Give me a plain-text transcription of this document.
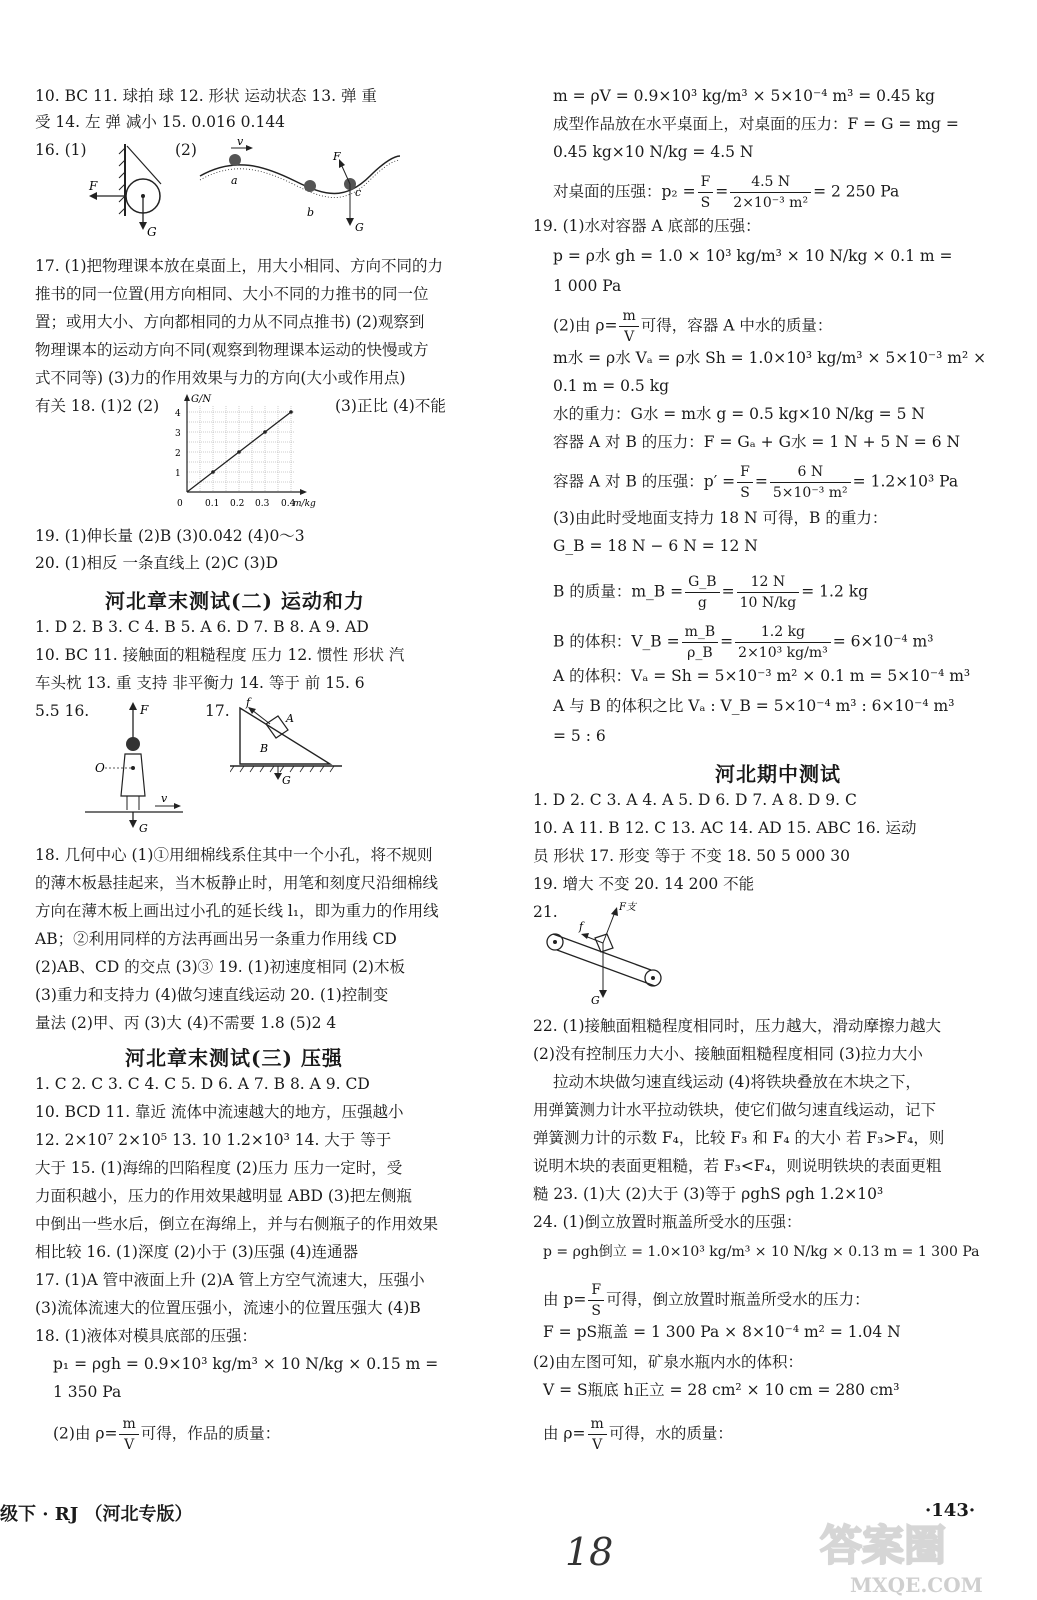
10. BC 11. 球拍 球 12. 形状 运动状态 13. 弹 重
受 14. 左 弹 减小 15. 0.016 0.144
16. (1)
F
G
(2)	v
a
b
F
c
G
17. (1)把物理课本放在桌面上，用大小相同、方向不同的力
推书的同一位置(用方向相同、大小不同的力推书的同一位
置；或用大小、方向都相同的力从不同点推书) (2)观察到
物理课本的运动方向不同(观察到物理课本运动的快慢或方
式不同等) (3)力的作用效果与力的方向(大小或作用点)
有关 18. (1)2 (2)	G/N
4
3
2
1
0 0.1 0.2 0.3 0.4
m/kg
(3)正比 (4)不能
19. (1)伸长量 (2)B (3)0.042 (4)0～3
20. (1)相反 一条直线上 (2)C (3)D
河北章末测试(二) 运动和力
1. D 2. B 3. C 4. B 5. A 6. D 7. B 8. A 9. AD
10. BC 11. 接触面的粗糙程度 压力 12. 惯性 形状 汽
车头枕 13. 重 支持 非平衡力 14. 等于 前 15. 6
5.5 16.	F
O
v
G
17. f
A
B
G
18. 几何中心 (1)①用细棉线系住其中一个小孔，将不规则
的薄木板悬挂起来，当木板静止时，用笔和刻度尺沿细棉线
方向在薄木板上画出过小孔的延长线 l₁，即为重力的作用线
AB；②利用同样的方法再画出另一条重力作用线 CD
(2)AB、CD 的交点 (3)③ 19. (1)初速度相同 (2)木板
(3)重力和支持力 (4)做匀速直线运动 20. (1)控制变
量法 (2)甲、丙 (3)大 (4)不需要 1.8 (5)2 4
河北章末测试(三) 压强
1. C 2. C 3. C 4. C 5. D 6. A 7. B 8. A 9. CD
10. BCD 11. 靠近 流体中流速越大的地方，压强越小
12. 2×10⁷ 2×10⁵ 13. 10 1.2×10³ 14. 大于 等于
大于 15. (1)海绵的凹陷程度 (2)压力 压力一定时，受
力面积越小，压力的作用效果越明显 ABD (3)把左侧瓶
中倒出一些水后，倒立在海绵上，并与右侧瓶子的作用效果
相比较 16. (1)深度 (2)小于 (3)压强 (4)连通器
17. (1)A 管中液面上升 (2)A 管上方空气流速大，压强小
(3)流体流速大的位置压强小，流速小的位置压强大 (4)B
18. (1)液体对模具底部的压强：
p₁ = ρgh = 0.9×10³ kg/m³ × 10 N/kg × 0.15 m =
1 350 Pa
(2)由 $\rho= \frac{m}{V}$ 可得，作品的质量：
m = ρV = 0.9×10³ kg/m³ × 5×10⁻⁴ m³ = 0.45 kg
成型作品放在水平桌面上，对桌面的压力：F = G = mg =
0.45 kg×10 N/kg = 4.5 N
对桌面的压强：$p_2 = \frac{F}{S} = \frac{4.5 N}{\text{2×10⁻³ m²}} = 2$ 250 Pa
19. (1)水对容器 A 底部的压强：
p = ρ水 gh = 1.0 × 10³ kg/m³ × 10 N/kg × 0.1 m =
1 000 Pa
(2)由 $\rho= \frac{m}{V}$ 可得，容器 A 中水的质量：
m水 = ρ水 Vₐ = ρ水 Sh = 1.0×10³ kg/m³ × 5×10⁻³ m² ×
0.1 m = 0.5 kg
水的重力：G水 = m水 g = 0.5 kg×10 N/kg = 5 N
容器 A 对 B 的压力：F = Gₐ + G水 = 1 N + 5 N = 6 N
容器 A 对 B 的压强：$p' = \frac{F}{S} = \frac{6 N}{\text{5×10⁻³ m²}} = 1.2\times 10^3$ Pa
(3)由此时受地面支持力 18 N 可得，B 的重力：
G_B = 18 N − 6 N = 12 N
B 的质量：m_B = $\frac{G\_B}{g} = \frac{12 N}{10 N/kg} = 1.2$ kg
B 的体积：V_B = $\frac{m\_B}{\rho\_B} = \frac{1.2 kg}{\text{2×10³ kg/m³}} = 6\times 10^{-4}$ m³
A 的体积：Vₐ = Sh = 5×10⁻³ m² × 0.1 m = 5×10⁻⁴ m³
A 与 B 的体积之比 Vₐ : V_B = 5×10⁻⁴ m³ : 6×10⁻⁴ m³
= 5 : 6
河北期中测试
1. D 2. C 3. A 4. A 5. D 6. D 7. A 8. D 9. C
10. A 11. B 12. C 13. AC 14. AD 15. ABC 16. 运动
员 形状 17. 形变 等于 不变 18. 50 5 000 30
19. 增大 不变 20. 14 200 不能
21.
f
F支
G
22. (1)接触面粗糙程度相同时，压力越大，滑动摩擦力越大
(2)没有控制压力大小、接触面粗糙程度相同 (3)拉力大小
拉动木块做匀速直线运动 (4)将铁块叠放在木块之下，
用弹簧测力计水平拉动铁块，使它们做匀速直线运动，记下
弹簧测力计的示数 F₄，比较 F₃ 和 F₄ 的大小 若 F₃>F₄，则
说明木块的表面更粗糙，若 F₃<F₄，则说明铁块的表面更粗
糙 23. (1)大 (2)大于 (3)等于 ρghS ρgh 1.2×10³
24. (1)倒立放置时瓶盖所受水的压强：
p = ρgh倒立 = 1.0×10³ kg/m³ × 10 N/kg × 0.13 m = 1 300 Pa
由 $p= \frac{F}{S}$ 可得，倒立放置时瓶盖所受水的压力：
F = pS瓶盖 = 1 300 Pa × 8×10⁻⁴ m² = 1.04 N
(2)由左图可知，矿泉水瓶内水的体积：
V = S瓶底 h正立 = 28 cm² × 10 cm = 280 cm³
由 $\rho= \frac{m}{V}$ 可得，水的质量：
级下 · RJ （河北专版）	·143·
18	答案圈
MXQE.COM
